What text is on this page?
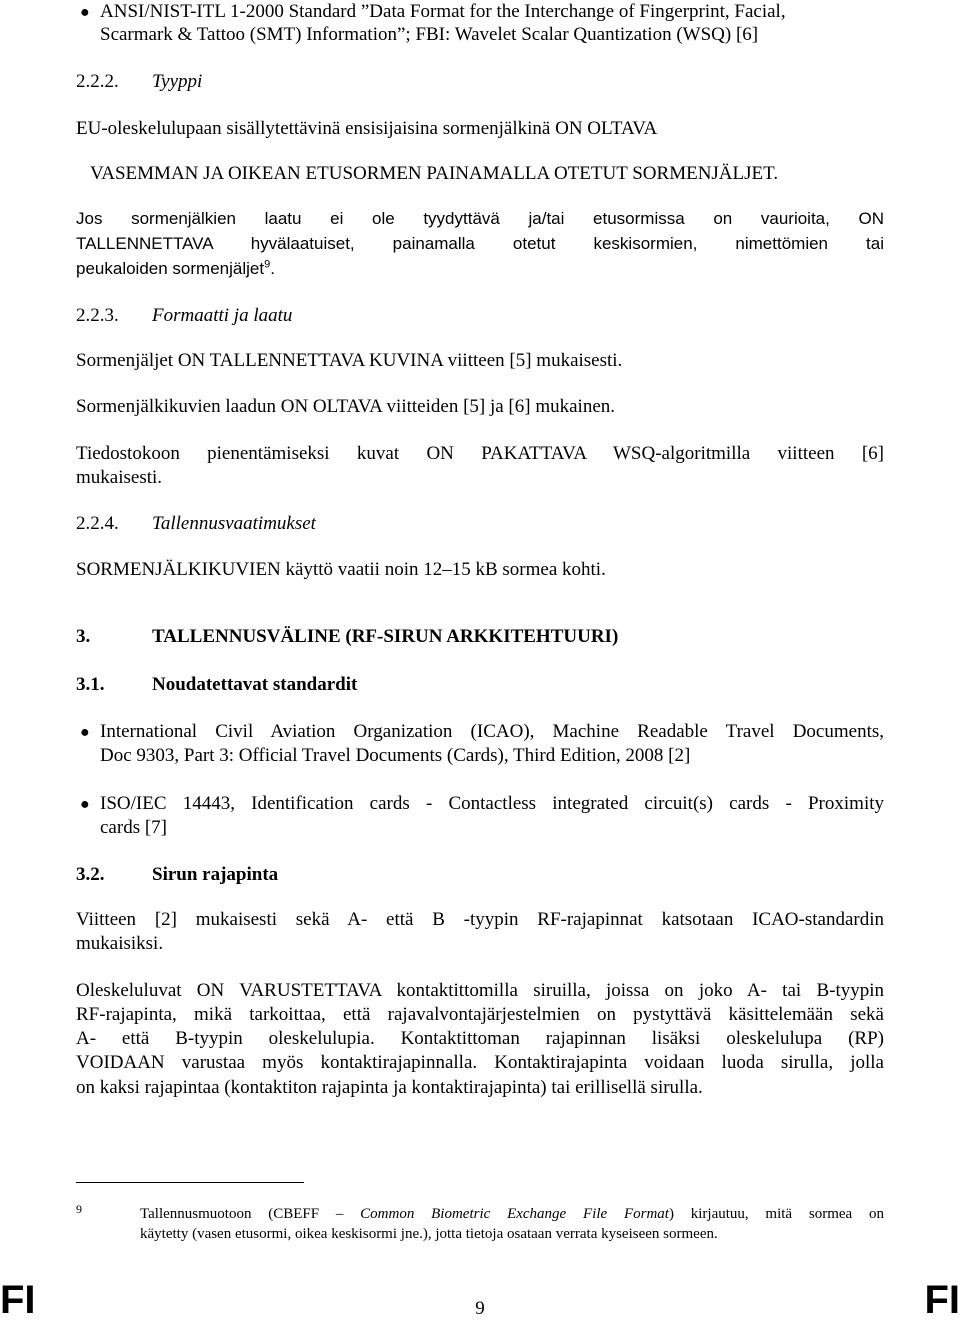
● ANSI/NIST-ITL 1-2000 Standard ”Data Format for the Interchange of Fingerprint, Facial,
Scarmark & Tattoo (SMT) Information”; FBI: Wavelet Scalar Quantization (WSQ) [6]
2.2.2. Tyyppi
EU-oleskelulupaan sisällytettävinä ensisijaisina sormenjälkinä ON OLTAVA
VASEMMAN JA OIKEAN ETUSORMEN PAINAMALLA OTETUT SORMENJÄLJET.
Jos sormenjälkien laatu ei ole tyydyttävä ja/tai etusormissa on vaurioita, ON
TALLENNETTAVA hyvälaatuiset, painamalla otetut keskisormien, nimettömien tai
peukaloiden sormenjäljet$^9$.
2.2.3. Formaatti ja laatu
Sormenjäljet ON TALLENNETTAVA KUVINA viitteen [5] mukaisesti.
Sormenjälkikuvien laadun ON OLTAVA viitteiden [5] ja [6] mukainen.
Tiedostokoon pienentämiseksi kuvat ON PAKATTAVA WSQ-algoritmilla viitteen [6]
mukaisesti.
2.2.4. Tallennusvaatimukset
SORMENJÄLKIKUVIEN käyttö vaatii noin 12–15 kB sormea kohti.
3.	TALLENNUSVÄLINE (RF-SIRUN ARKKITEHTUURI)
3.1.	Noudatettavat standardit
● International Civil Aviation Organization (ICAO), Machine Readable Travel Documents,
Doc 9303, Part 3: Official Travel Documents (Cards), Third Edition, 2008 [2]
● ISO/IEC 14443, Identification cards - Contactless integrated circuit(s) cards - Proximity
cards [7]
3.2.	Sirun rajapinta
Viitteen [2] mukaisesti sekä A- että B -tyypin RF-rajapinnat katsotaan ICAO-standardin
mukaisiksi.
Oleskeluluvat ON VARUSTETTAVA kontaktittomilla siruilla, joissa on joko A- tai B-tyypin
RF-rajapinta, mikä tarkoittaa, että rajavalvontajärjestelmien on pystyttävä käsittelemään sekä
A- että B-tyypin oleskelulupia. Kontaktittoman rajapinnan lisäksi oleskelulupa (RP)
VOIDAAN varustaa myös kontaktirajapinnalla. Kontaktirajapinta voidaan luoda sirulla, jolla
on kaksi rajapintaa (kontaktiton rajapinta ja kontaktirajapinta) tai erillisellä sirulla.
9	Tallennusmuotoon (CBEFF – Common Biometric Exchange File Format) kirjautuu, mitä sormea on
käytetty (vasen etusormi, oikea keskisormi jne.), jotta tietoja osataan verrata kyseiseen sormeen.
FI	9	FI
